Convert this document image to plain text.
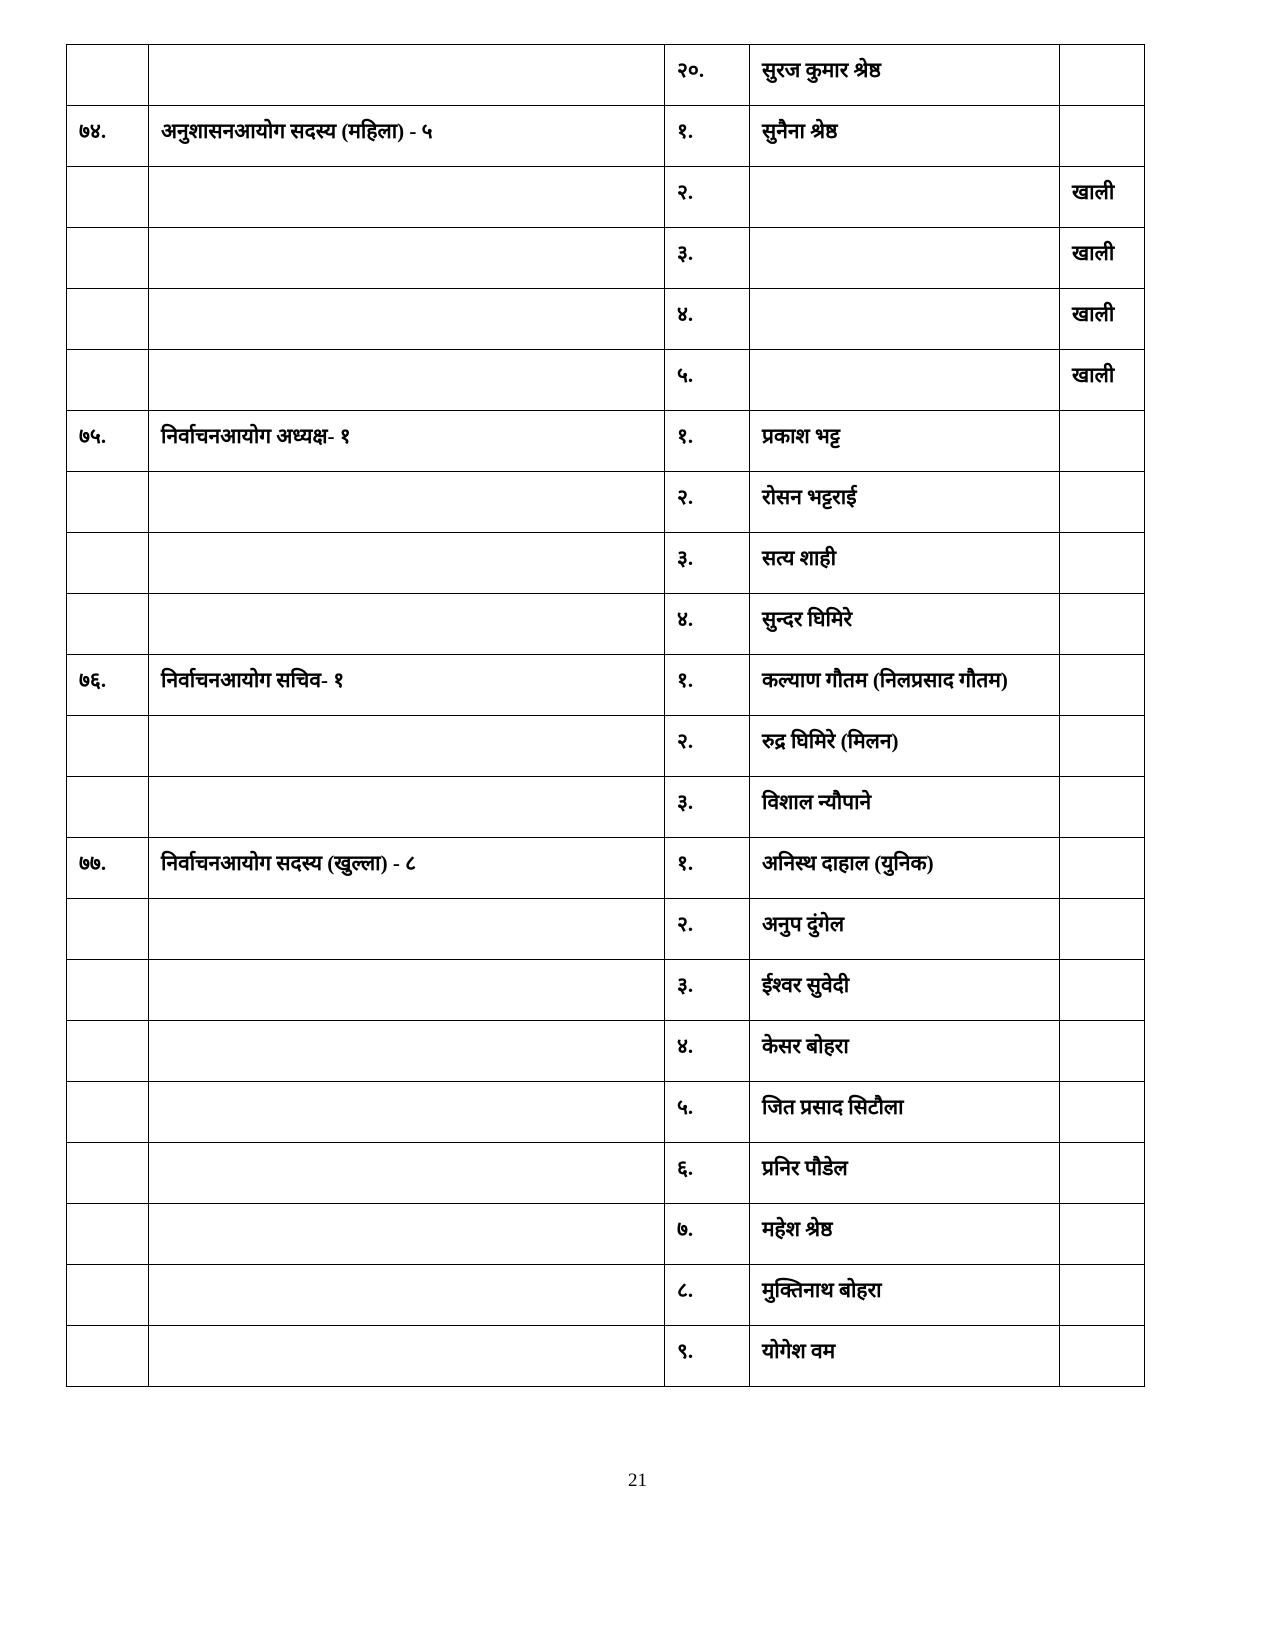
		२०.	सुरज कुमार श्रेष्ठ	
७४.	अनुशासनआयोग सदस्य (महिला) - ५	१.	सुनैना श्रेष्ठ	
		२.		खाली
		३.		खाली
		४.		खाली
		५.		खाली
७५.	निर्वाचनआयोग अध्यक्ष- १	१.	प्रकाश भट्ट	
		२.	रोसन भट्टराई	
		३.	सत्य शाही	
		४.	सुन्दर घिमिरे	
७६.	निर्वाचनआयोग सचिव- १	१.	कल्याण गौतम (निलप्रसाद गौतम)	
		२.	रुद्र घिमिरे (मिलन)	
		३.	विशाल न्यौपाने	
७७.	निर्वाचनआयोग सदस्य (खुल्ला) - ८	१.	अनिस्थ दाहाल (युनिक)	
		२.	अनुप दुंगेल	
		३.	ईश्वर सुवेदी	
		४.	केसर बोहरा	
		५.	जित प्रसाद सिटौला	
		६.	प्रनिर पौडेल	
		७.	महेश श्रेष्ठ	
		८.	मुक्तिनाथ बोहरा	
		९.	योगेश वम	
21
